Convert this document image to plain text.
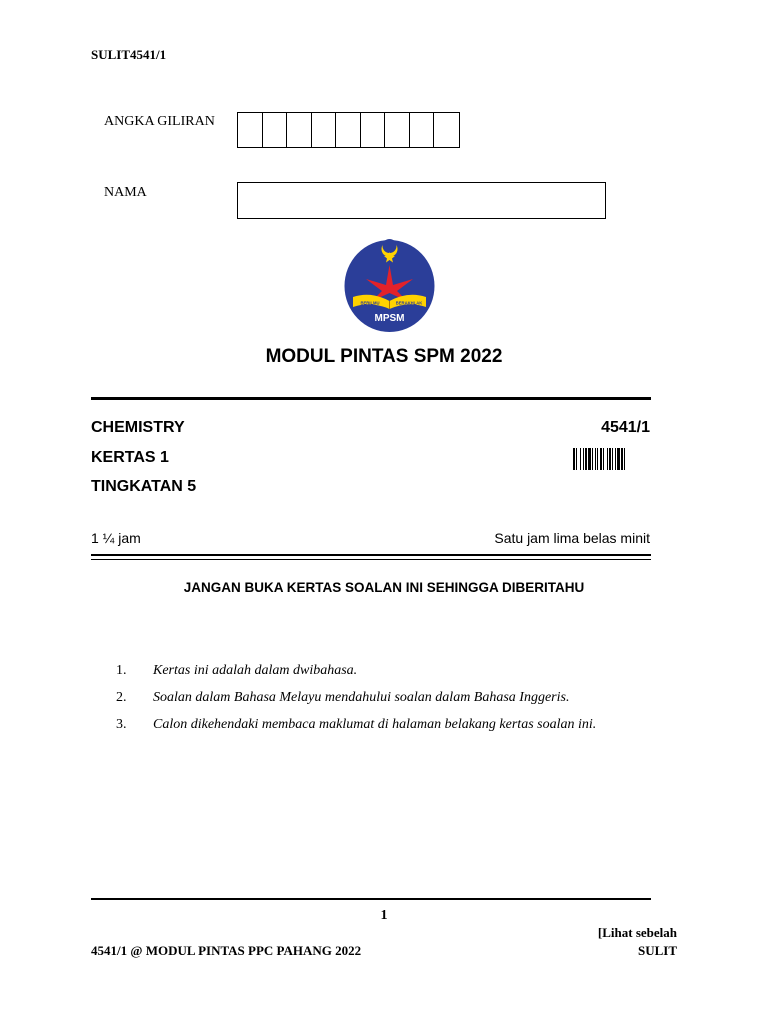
SULIT4541/1
ANGKA GILIRAN
NAMA
BERILMU	BERAKHLAK
MPSM
MODUL PINTAS SPM 2022
CHEMISTRY
KERTAS 1
TINGKATAN 5
4541/1
1 ¼ jam	Satu jam lima belas minit
JANGAN BUKA KERTAS SOALAN INI SEHINGGA DIBERITAHU
1.	Kertas ini adalah dalam dwibahasa.
2.	Soalan dalam Bahasa Melayu mendahului soalan dalam Bahasa Inggeris.
3.	Calon dikehendaki membaca maklumat di halaman belakang kertas soalan ini.
1
[Lihat sebelah
4541/1 @ MODUL PINTAS PPC PAHANG 2022	SULIT
